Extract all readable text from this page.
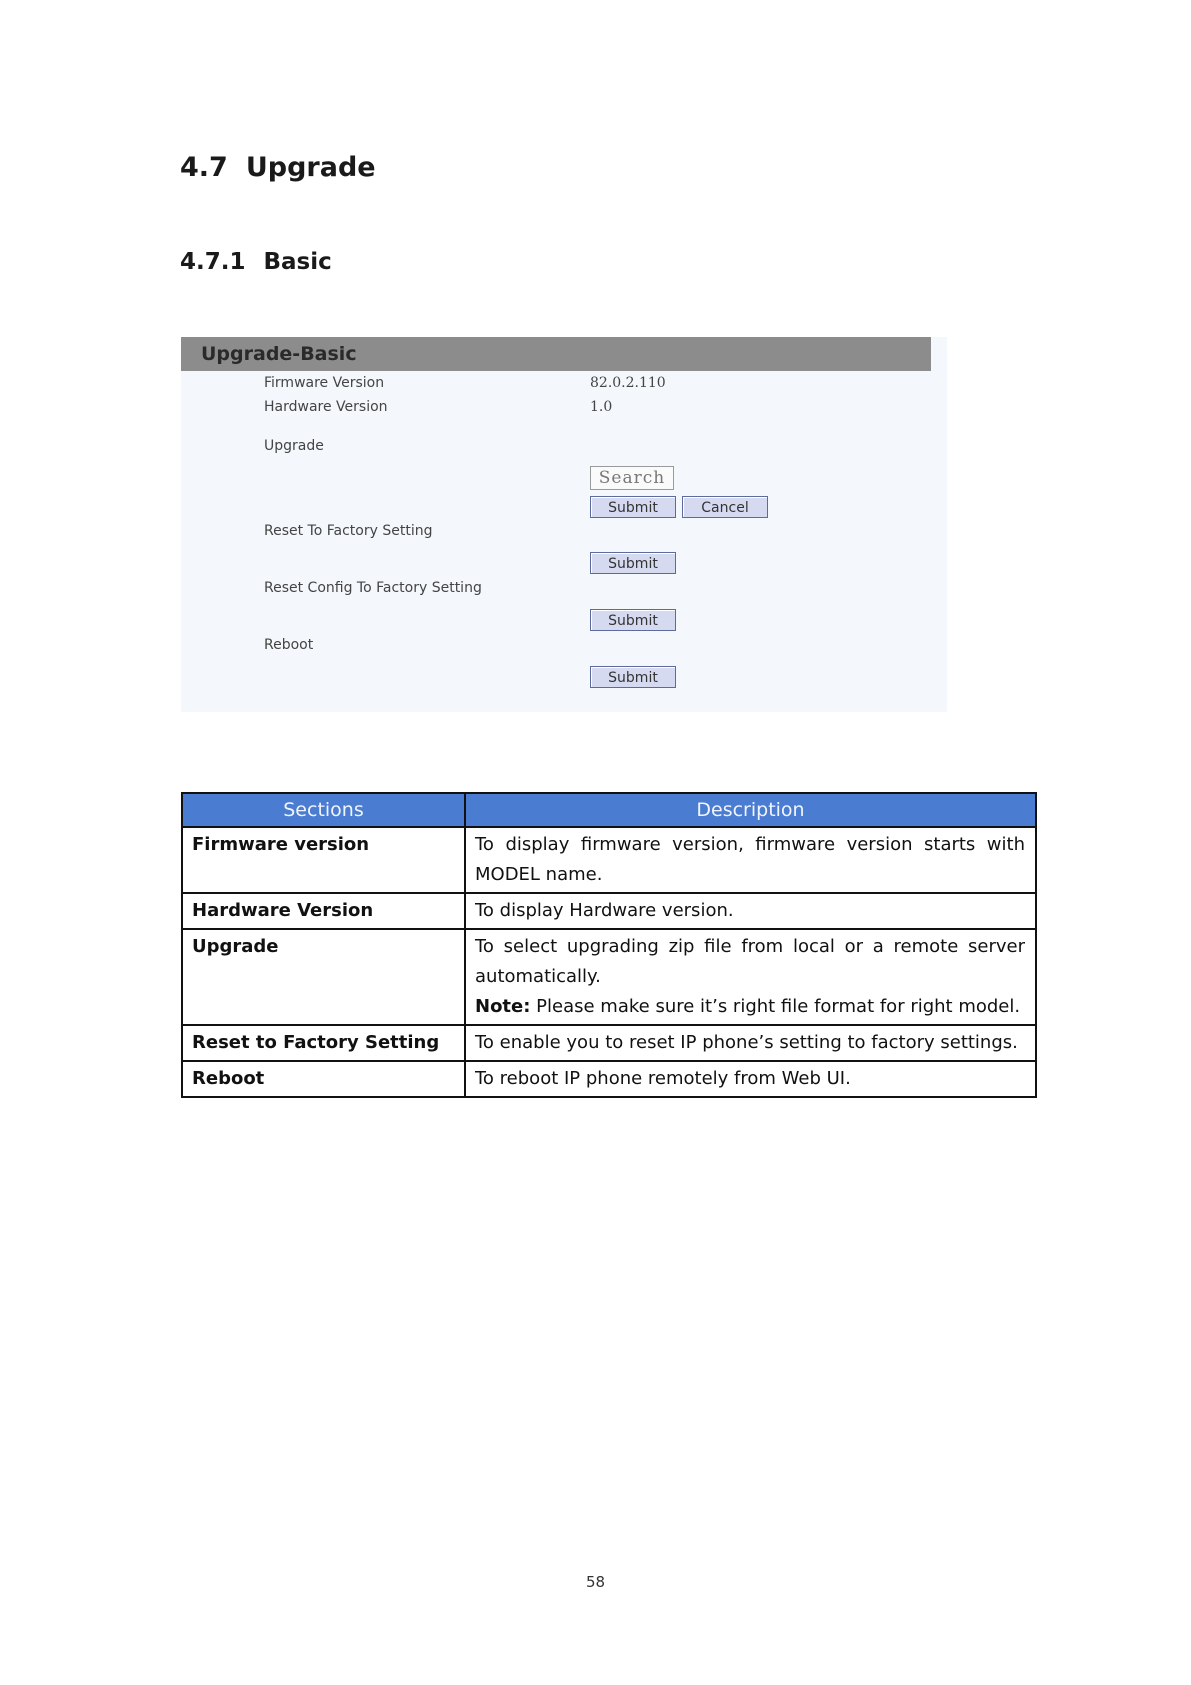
4.7 Upgrade
4.7.1 Basic
Upgrade-Basic
Firmware Version	82.0.2.110
Hardware Version	1.0
Upgrade
Search
Submit	Cancel
Reset To Factory Setting
Submit
Reset Config To Factory Setting
Submit
Reboot
Submit
Sections	Description
Firmware version	To display firmware version, firmware version starts with MODEL name.
Hardware Version	To display Hardware version.
Upgrade	To select upgrading zip file from local or a remote server automatically.
Note: Please make sure it’s right file format for right model.

Reset to Factory Setting	To enable you to reset IP phone’s setting to factory settings.
Reboot	To reboot IP phone remotely from Web UI.
58
